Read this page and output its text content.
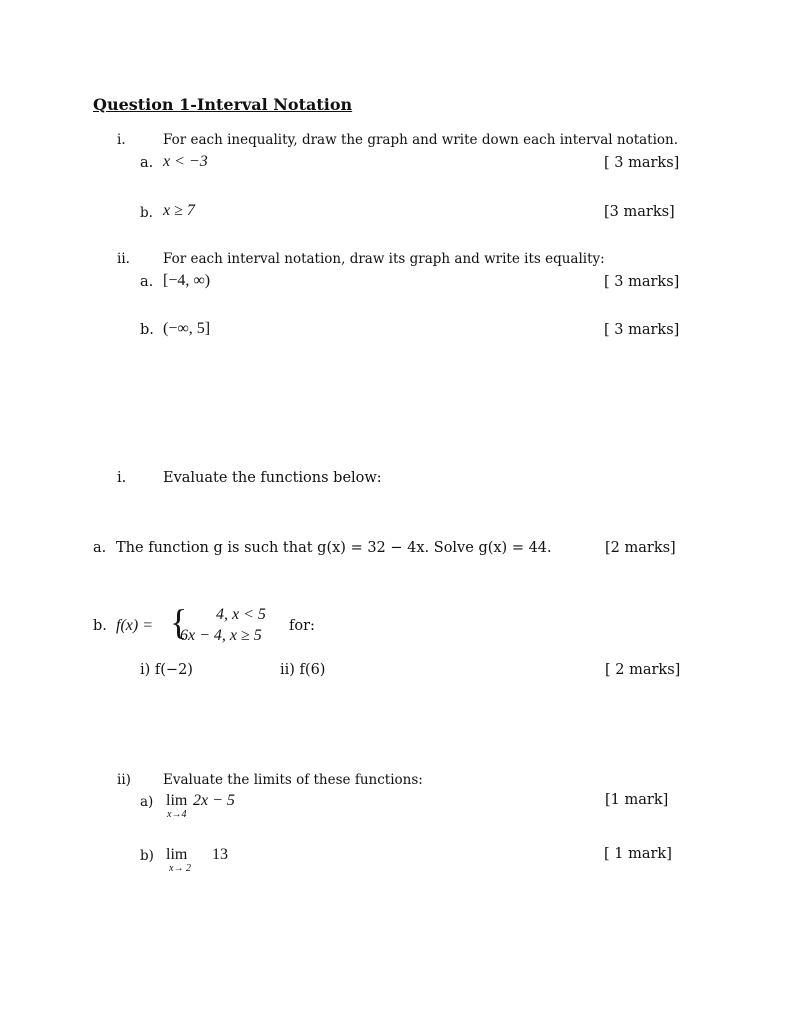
Question 1-Interval Notation
i.	For each inequality, draw the graph and write down each interval notation.
a. x < −3	[ 3 marks]
b. x ≥ 7	[3 marks]
ii. For each interval notation, draw its graph and write its equality:
a. [−4, ∞)	[ 3 marks]
b. (−∞, 5]	[ 3 marks]
i.	Evaluate the functions below:
a. The function g is such that g(x) = 32 − 4x. Solve g(x) = 44.	[2 marks]
b. f(x) = { 4, x < 5
6x − 4, x ≥ 5
for:
i) f(−2)	ii) f(6)	[ 2 marks]
ii) Evaluate the limits of these functions:
a) lim
x→4
2x − 5	[1 mark]
b) lim
x→ 2
13	[ 1 mark]
